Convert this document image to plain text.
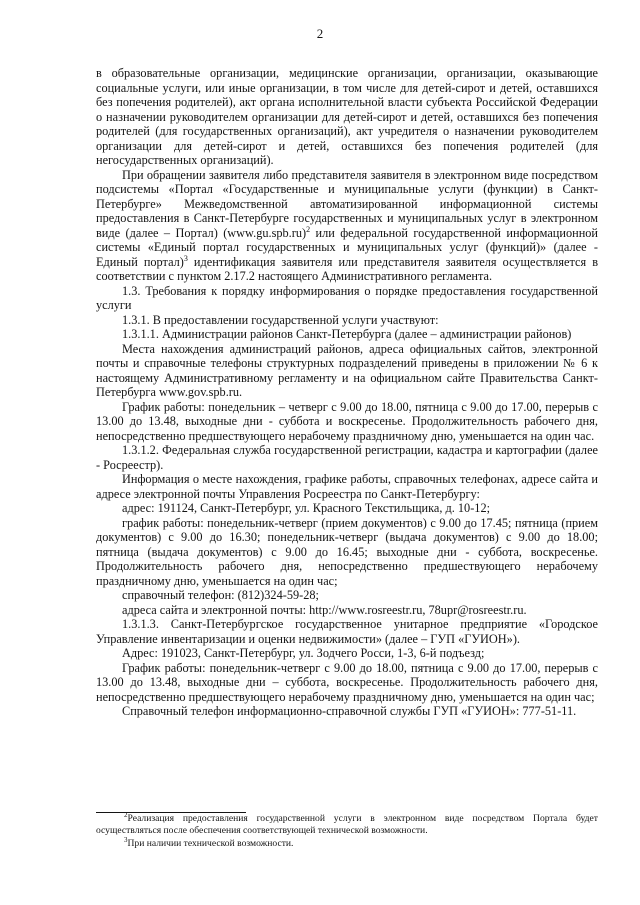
2

в образовательные организации, медицинские организации, организации, оказывающие социальные услуги, или иные организации, в том числе для детей-сирот и детей, оставшихся без попечения родителей), акт органа исполнительной власти субъекта Российской Федерации о назначении руководителем организации для детей-сирот и детей, оставшихся без попечения родителей (для государственных организаций), акт учредителя о назначении руководителем организации для детей-сирот и детей, оставшихся без попечения родителей (для негосударственных организаций).

При обращении заявителя либо представителя заявителя в электронном виде посредством подсистемы «Портал «Государственные и муниципальные услуги (функции) в Санкт-Петербурге» Межведомственной автоматизированной информационной системы предоставления в Санкт-Петербурге государственных и муниципальных услуг в электронном виде (далее – Портал) $(www.gu.spb.ru)^2$ или федеральной государственной информационной системы «Единый портал государственных и муниципальных услуг (функций)» (далее - Единый портал)$^3$ идентификация заявителя или представителя заявителя осуществляется в соответствии с пунктом 2.17.2 настоящего Административного регламента.

1.3. Требования к порядку информирования о порядке предоставления государственной услуги

1.3.1. В предоставлении государственной услуги участвуют:

1.3.1.1. Администрации районов Санкт-Петербурга (далее – администрации районов)

Места нахождения администраций районов, адреса официальных сайтов, электронной почты и справочные телефоны структурных подразделений приведены в приложении № 6 к настоящему Административному регламенту и на официальном сайте Правительства Санкт-Петербурга www.gov.spb.ru.

График работы: понедельник – четверг с 9.00 до 18.00, пятница с 9.00 до 17.00, перерыв с 13.00 до 13.48, выходные дни - суббота и воскресенье. Продолжительность рабочего дня, непосредственно предшествующего нерабочему праздничному дню, уменьшается на один час.

1.3.1.2. Федеральная служба государственной регистрации, кадастра и картографии (далее - Росреестр).

Информация о месте нахождения, графике работы, справочных телефонах, адресе сайта и адресе электронной почты Управления Росреестра по Санкт-Петербургу:

адрес: 191124, Санкт-Петербург, ул. Красного Текстильщика, д. 10-12;

график работы: понедельник-четверг (прием документов) с 9.00 до 17.45; пятница (прием документов) с 9.00 до 16.30; понедельник-четверг (выдача документов) с 9.00 до 18.00; пятница (выдача документов) с 9.00 до 16.45; выходные дни - суббота, воскресенье. Продолжительность рабочего дня, непосредственно предшествующего нерабочему праздничному дню, уменьшается на один час;

справочный телефон: (812)324-59-28;

адреса сайта и электронной почты: http://www.rosreestr.ru, 78upr@rosreestr.ru.

1.3.1.3. Санкт-Петербургское государственное унитарное предприятие «Городское Управление инвентаризации и оценки недвижимости» (далее – ГУП «ГУИОН»).

Адрес: 191023, Санкт-Петербург, ул. Зодчего Росси, 1-3, 6-й подъезд;

График работы: понедельник-четверг с 9.00 до 18.00, пятница с 9.00 до 17.00, перерыв с 13.00 до 13.48, выходные дни – суббота, воскресенье. Продолжительность рабочего дня, непосредственно предшествующего нерабочему праздничному дню, уменьшается на один час;

Справочный телефон информационно-справочной службы ГУП «ГУИОН»: 777-51-11.

$^2$Реализация предоставления государственной услуги в электронном виде посредством Портала будет осуществляться после обеспечения соответствующей технической возможности.

$^3$При наличии технической возможности.
